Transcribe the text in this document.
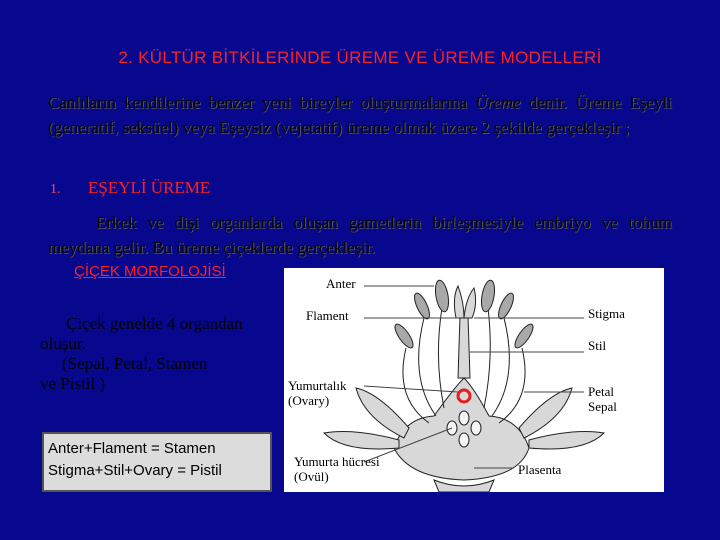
2. KÜLTÜR BİTKİLERİNDE ÜREME VE ÜREME MODELLERİ
Canlıların kendilerine benzer yeni bireyler oluşturmalarına Üreme denir. Üreme Eşeyli (generatif, seksüel) veya Eşeysiz (vejetatif) üreme olmak üzere 2 şekilde gerçekleşir ;
1. EŞEYLİ ÜREME
Erkek ve dişi organlarda oluşan gametlerin birleşmesiyle embriyo ve tohum meydana gelir. Bu üreme çiçeklerde gerçekleşir.
ÇİÇEK MORFOLOJİSİ
Çiçek genelde 4 organdan
oluşur.
(Sepal, Petal, Stamen
ve Pistil )
Anter+Flament = Stamen
Stigma+Stil+Ovary = Pistil
Anter
Flament	Stigma
Stil
Yumurtalık
(Ovary)
Petal
Sepal
Yumurta hücresi
(Ovül)	Plasenta
